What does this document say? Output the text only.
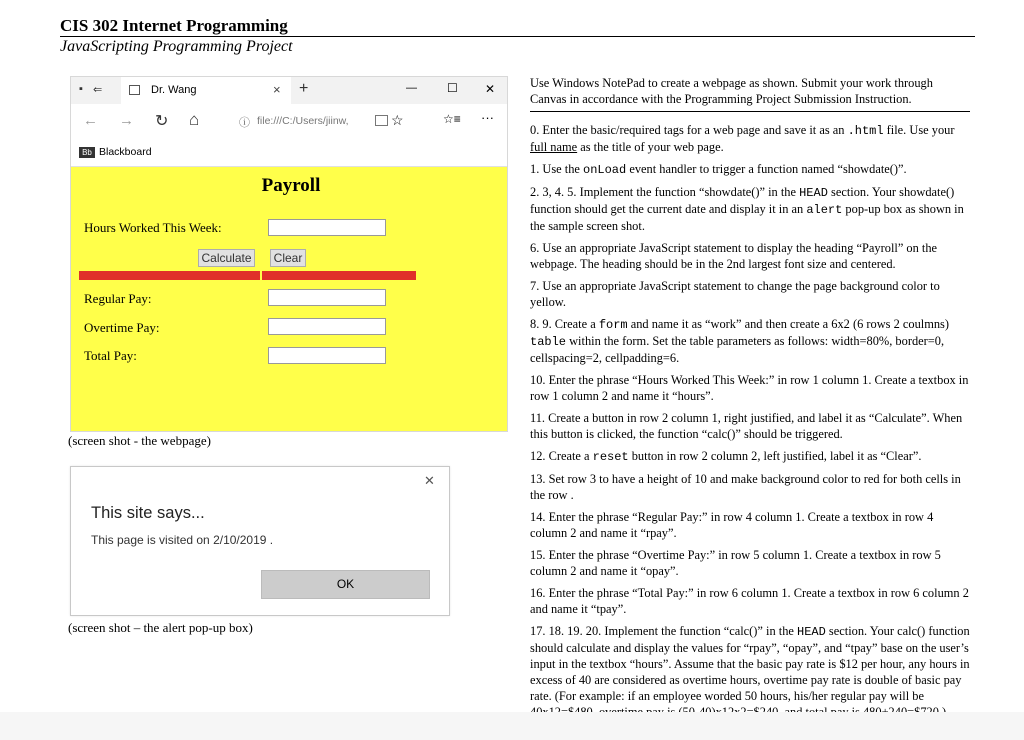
CIS 302 Internet Programming
JavaScripting Programming Project
▪ ⇐	Dr. Wang	× +	—	☐ ✕
← → ↻ ⌂	ⓘ file:///C:/Users/jiinw,	☆	☆≡ ···
Bb Blackboard
Payroll
Hours Worked This Week:
Calculate	Clear
Regular Pay:
Overtime Pay:
Total Pay:
(screen shot - the webpage)
✕
This site says...
This page is visited on 2/10/2019 .
OK
(screen shot – the alert pop-up box)

Use Windows NotePad to create a webpage as shown. Submit your work through Canvas in accordance with the Programming Project Submission Instruction.

0. Enter the basic/required tags for a web page and save it as an .html file. Use your full name as the title of your web page.

1. Use the onLoad event handler to trigger a function named “showdate()”.

2. 3, 4. 5. Implement the function “showdate()” in the HEAD section. Your showdate() function should get the current date and display it in an alert pop-up box as shown in the sample screen shot.

6. Use an appropriate JavaScript statement to display the heading “Payroll” on the webpage. The heading should be in the 2nd largest font size and centered.

7. Use an appropriate JavaScript statement to change the page background color to yellow.

8. 9. Create a form and name it as “work” and then create a 6x2 (6 rows 2 coulmns) table within the form. Set the table parameters as follows: width=80%, border=0, cellspacing=2, cellpadding=6.

10. Enter the phrase “Hours Worked This Week:” in row 1 column 1. Create a textbox in row 1 column 2 and name it “hours”.

11. Create a button in row 2 column 1, right justified, and label it as “Calculate”. When this button is clicked, the function “calc()” should be triggered.

12. Create a reset button in row 2 column 2, left justified, label it as “Clear”.

13. Set row 3 to have a height of 10 and make background color to red for both cells in the row .

14. Enter the phrase “Regular Pay:” in row 4 column 1. Create a textbox in row 4 column 2 and name it “rpay”.

15. Enter the phrase “Overtime Pay:” in row 5 column 1. Create a textbox in row 5 column 2 and name it “opay”.

16. Enter the phrase “Total Pay:” in row 6 column 1. Create a textbox in row 6 column 2 and name it “tpay”.

17. 18. 19. 20. Implement the function “calc()” in the HEAD section. Your calc() function should calculate and display the values for “rpay”, “opay”, and “tpay” base on the user’s input in the textbox “hours”. Assume that the basic pay rate is $12 per hour, any hours in excess of 40 are considered as overtime hours, overtime pay rate is double of basic pay rate. (For example: if an employee worded 50 hours, his/her regular pay will be
